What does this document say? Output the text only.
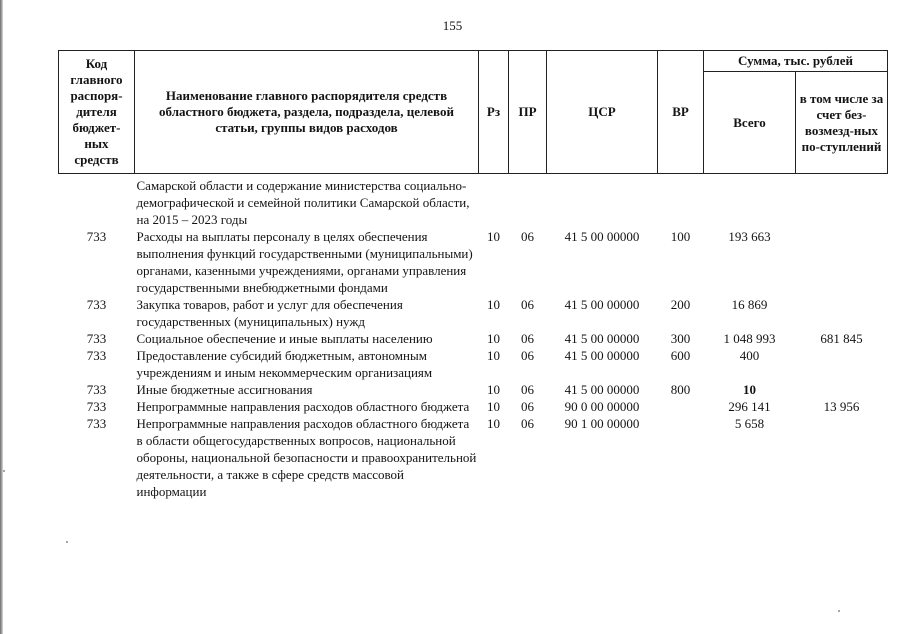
155
Код главного распоря-дителя бюджет-ных средств	Наименование главного распорядителя средств областного бюджета, раздела, подраздела, целевой статьи, группы видов расходов	Рз	ПР	ЦСР	ВР	Сумма, тыс. рублей	
						Всего	в том числе за счет без-возмезд-ных по-ступлений
	Самарской области и содержание министерства социально-демографической и семейной политики Самарской области, на 2015 – 2023 годы						
733	Расходы на выплаты персоналу в целях обеспечения выполнения функций государственными (муниципальными) органами, казенными учреждениями, органами управления государственными внебюджетными фондами	10	06	41 5 00 00000	100	193 663	
733	Закупка товаров, работ и услуг для обеспечения государственных (муниципальных) нужд	10	06	41 5 00 00000	200	16 869	
733	Социальное обеспечение и иные выплаты населению	10	06	41 5 00 00000	300	1 048 993	681 845
733	Предоставление субсидий бюджетным, автономным учреждениям и иным некоммерческим организациям	10	06	41 5 00 00000	600	400	
733	Иные бюджетные ассигнования	10	06	41 5 00 00000	800	10	
733	Непрограммные направления расходов областного бюджета	10	06	90 0 00 00000		296 141	13 956
733	Непрограммные направления расходов областного бюджета в области общегосударственных вопросов, национальной обороны, национальной безопасности и правоохранительной деятельности, а также в сфере средств массовой информации	10	06	90 1 00 00000		5 658	
